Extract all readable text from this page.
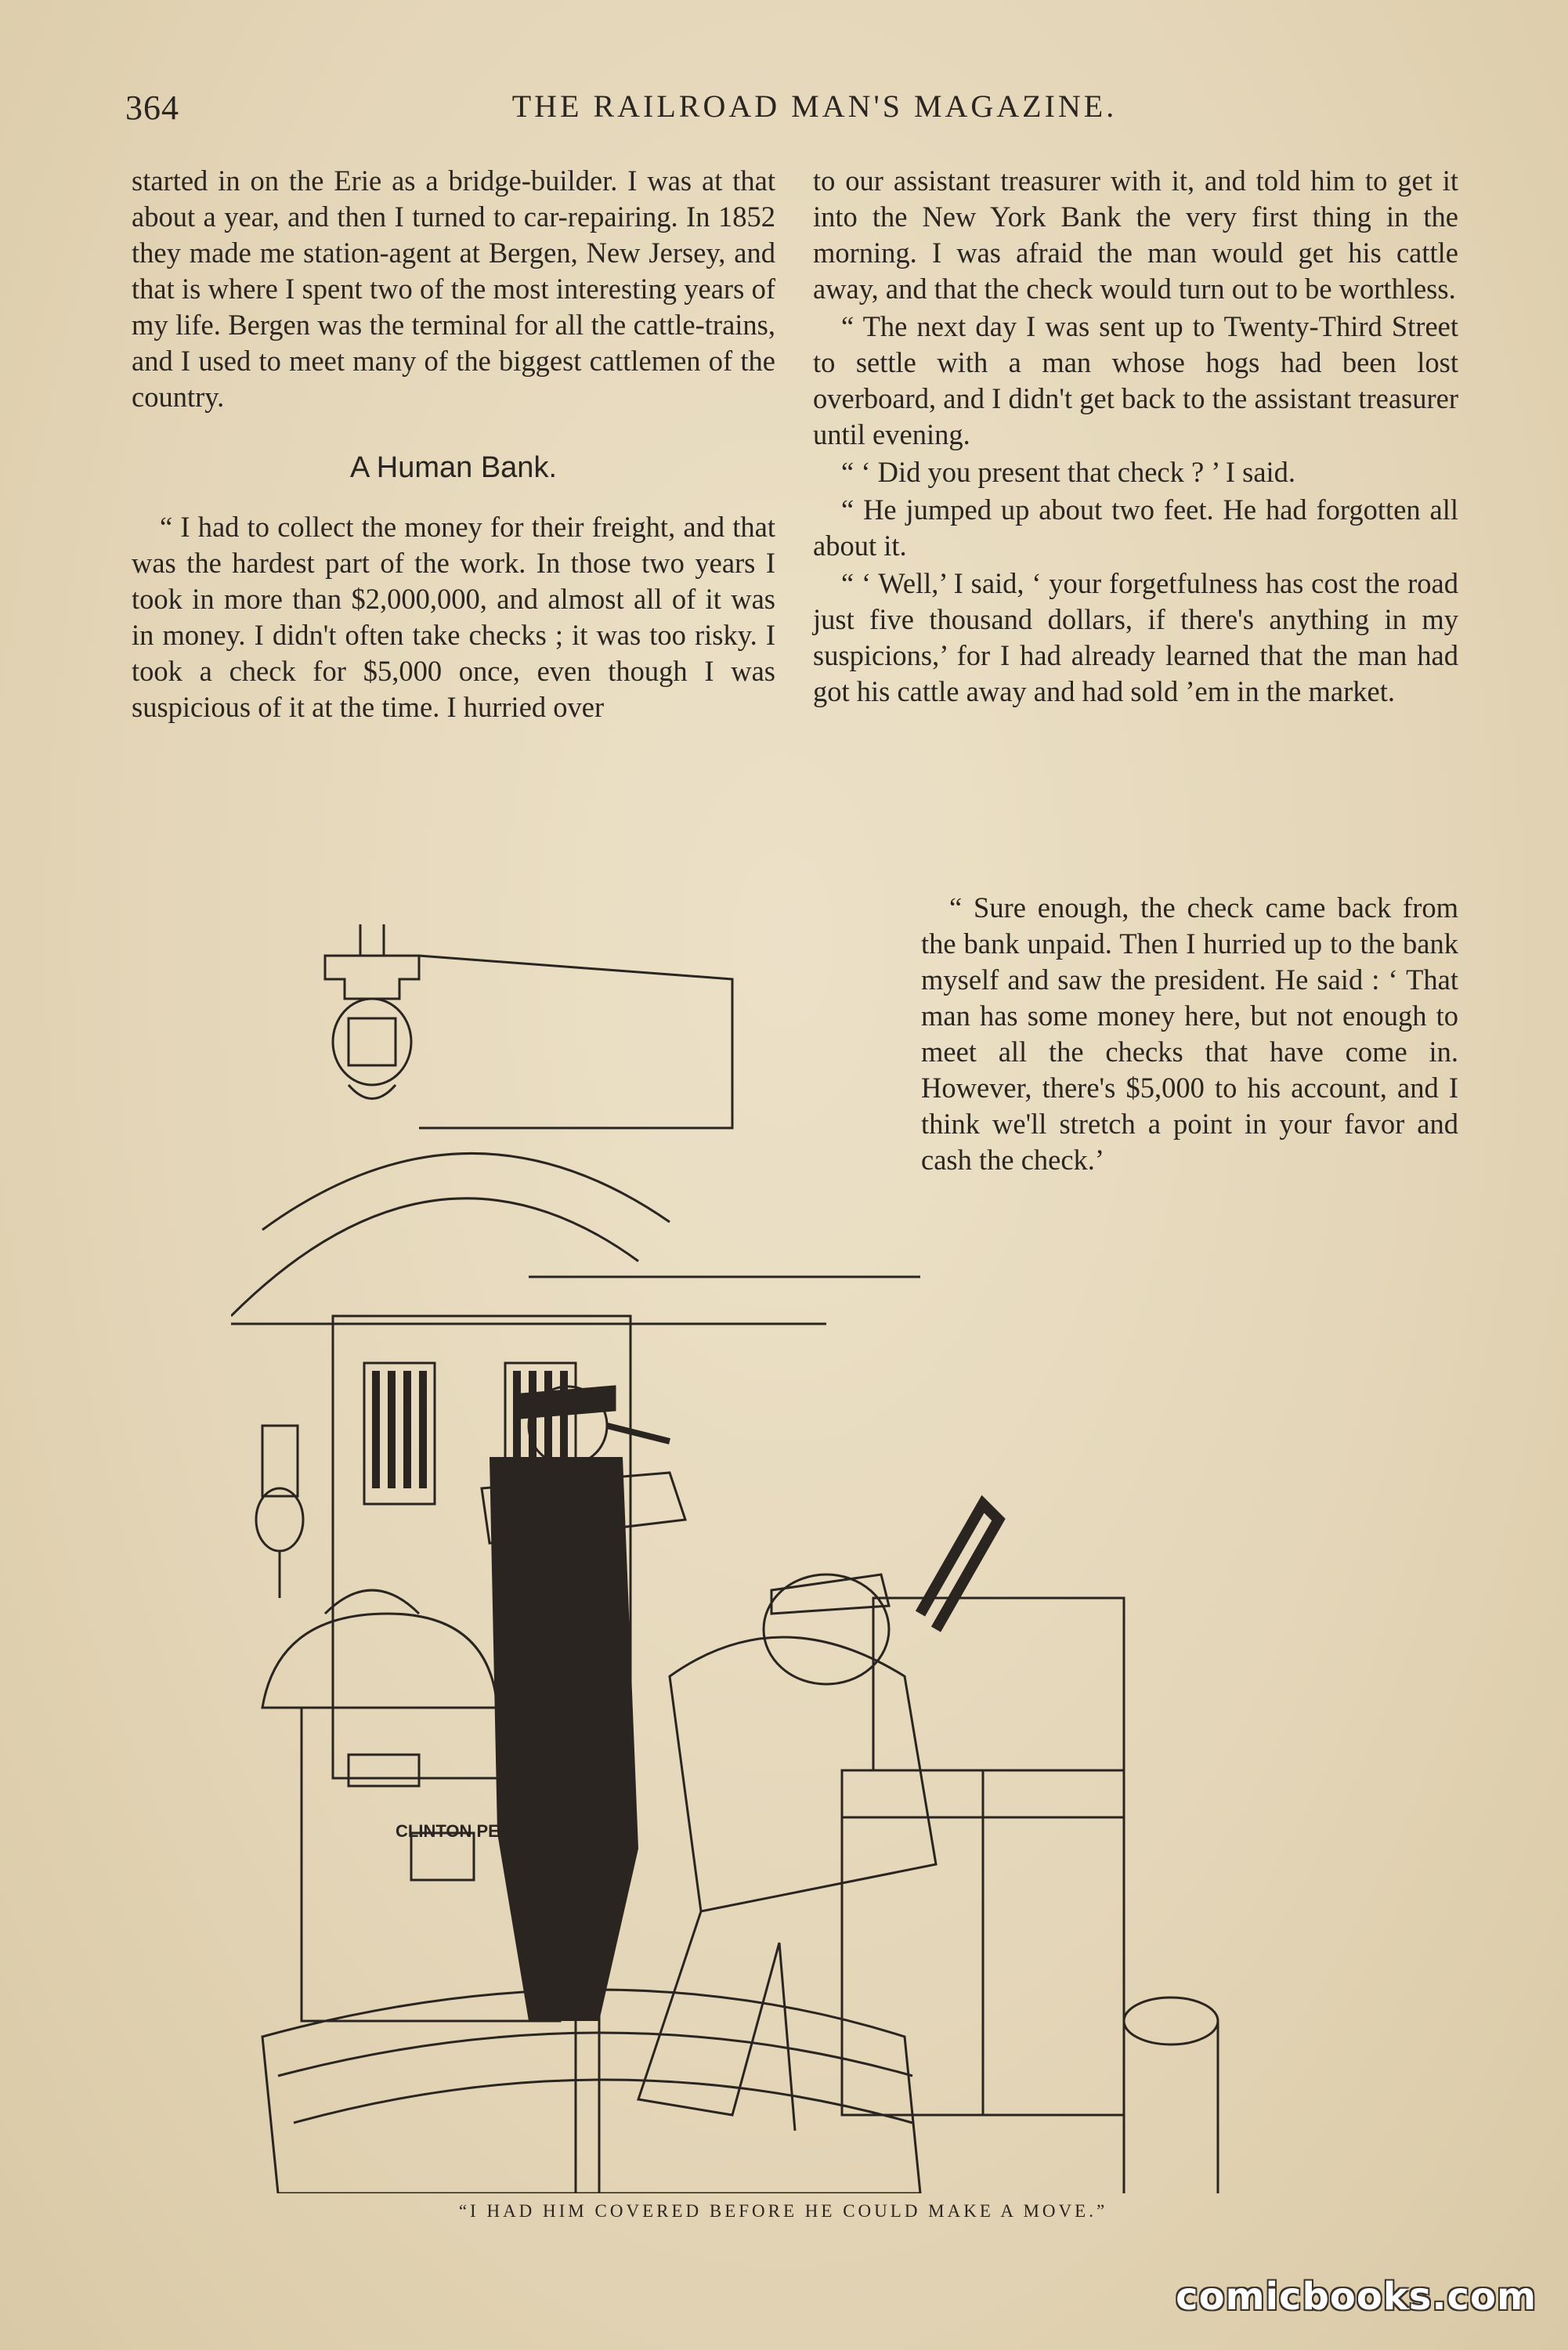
364	THE RAILROAD MAN'S MAGAZINE.

started in on the Erie as a bridge-builder. I was at that about a year, and then I turned to car-repairing. In 1852 they made me station-agent at Bergen, New Jersey, and that is where I spent two of the most interesting years of my life. Bergen was the terminal for all the cattle-trains, and I used to meet many of the biggest cattlemen of the country.

A Human Bank.

“ I had to collect the money for their freight, and that was the hardest part of the work. In those two years I took in more than $2,000,000, and almost all of it was in money. I didn't often take checks ; it was too risky. I took a check for $5,000 once, even though I was suspicious of it at the time. I hurried over

to our assistant treasurer with it, and told him to get it into the New York Bank the very first thing in the morning. I was afraid the man would get his cattle away, and that the check would turn out to be worthless.

“ The next day I was sent up to Twenty-Third Street to settle with a man whose hogs had been lost overboard, and I didn't get back to the assistant treasurer until evening.

“ ‘ Did you present that check ? ’ I said.

“ He jumped up about two feet. He had forgotten all about it.

“ ‘ Well,’ I said, ‘ your forgetfulness has cost the road just five thousand dollars, if there's anything in my suspicions,’ for I had already learned that the man had got his cattle away and had sold ’em in the market.

“ Sure enough, the check came back from the bank unpaid. Then I hurried up to the bank myself and saw the president. He said : ‘ That man has some money here, but not enough to meet all the checks that have come in. However, there's $5,000 to his account, and I think we'll stretch a point in your favor and cash the check.’

CLINTON PETTEE
“I HAD HIM COVERED BEFORE HE COULD MAKE A MOVE.”
comicbooks.com
